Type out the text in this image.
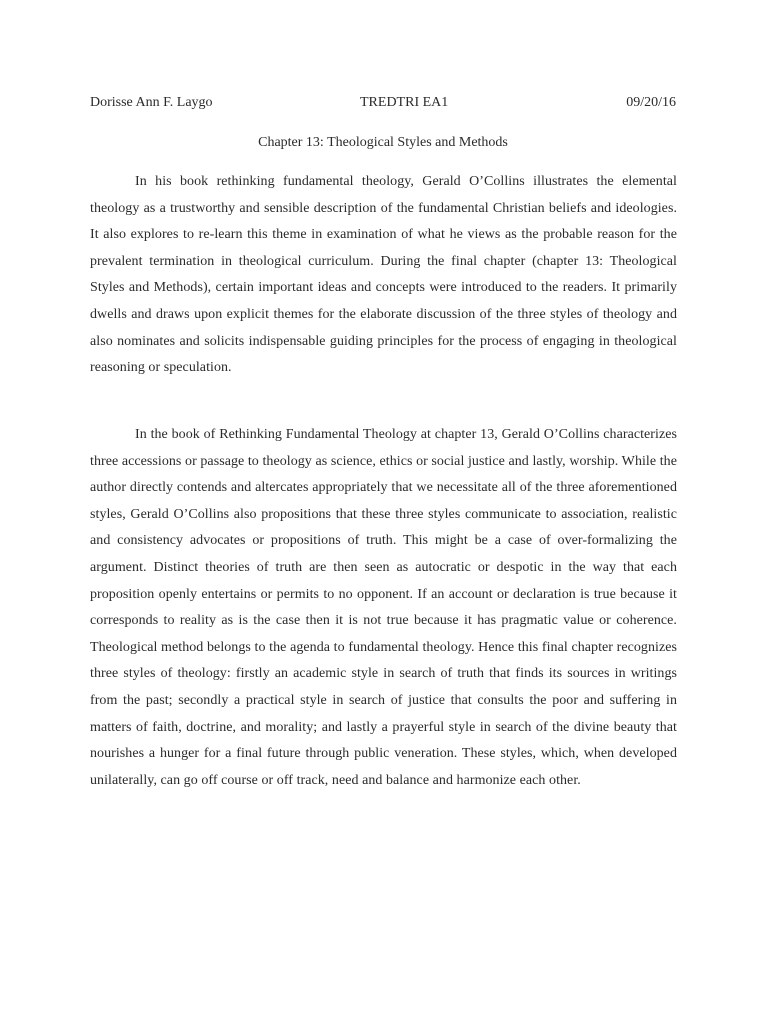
Dorisse Ann F. Laygo	TREDTRI EA1	09/20/16
Chapter 13: Theological Styles and Methods

In his book rethinking fundamental theology, Gerald O’Collins illustrates the elemental theology as a trustworthy and sensible description of the fundamental Christian beliefs and ideologies. It also explores to re-learn this theme in examination of what he views as the probable reason for the prevalent termination in theological curriculum. During the final chapter (chapter 13: Theological Styles and Methods), certain important ideas and concepts were introduced to the readers. It primarily dwells and draws upon explicit themes for the elaborate discussion of the three styles of theology and also nominates and solicits indispensable guiding principles for the process of engaging in theological reasoning or speculation.

In the book of Rethinking Fundamental Theology at chapter 13, Gerald O’Collins characterizes three accessions or passage to theology as science, ethics or social justice and lastly, worship. While the author directly contends and altercates appropriately that we necessitate all of the three aforementioned styles, Gerald O’Collins also propositions that these three styles communicate to association, realistic and consistency advocates or propositions of truth. This might be a case of over-formalizing the argument. Distinct theories of truth are then seen as autocratic or despotic in the way that each proposition openly entertains or permits to no opponent. If an account or declaration is true because it corresponds to reality as is the case then it is not true because it has pragmatic value or coherence. Theological method belongs to the agenda to fundamental theology. Hence this final chapter recognizes three styles of theology: firstly an academic style in search of truth that finds its sources in writings from the past; secondly a practical style in search of justice that consults the poor and suffering in matters of faith, doctrine, and morality; and lastly a prayerful style in search of the divine beauty that nourishes a hunger for a final future through public veneration. These styles, which, when developed unilaterally, can go off course or off track, need and balance and harmonize each other.
